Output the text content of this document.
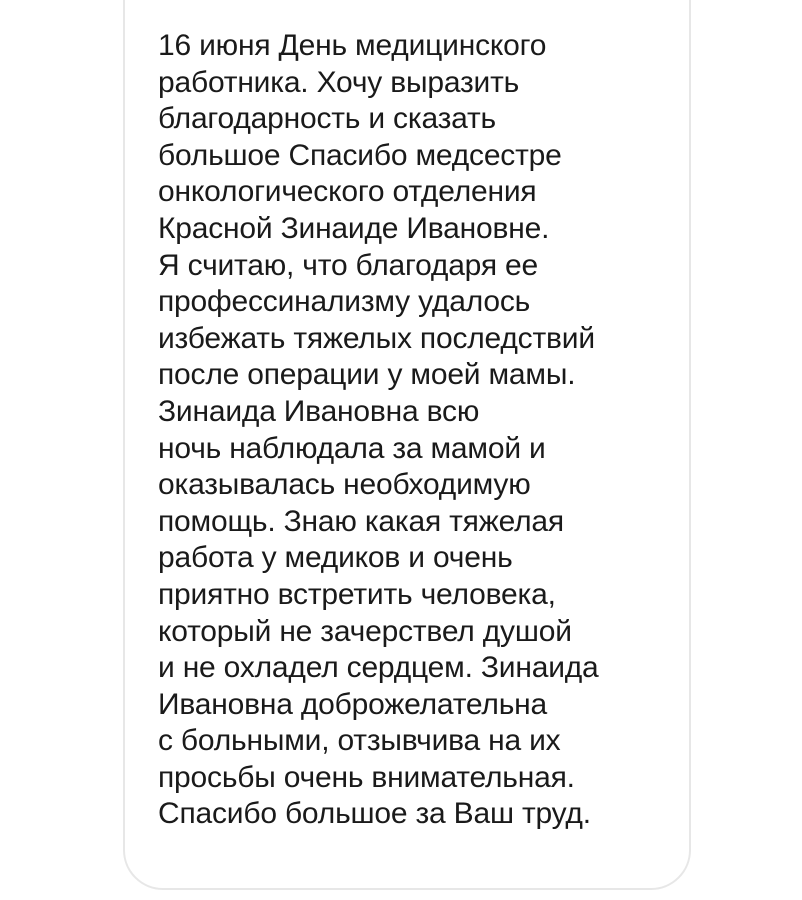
16 июня День медицинского
работника. Хочу выразить
благодарность и сказать
большое Спасибо медсестре
онкологического отделения
Красной Зинаиде Ивановне.
Я считаю, что благодаря ее
профессинализму удалось
избежать тяжелых последствий
после операции у моей мамы.
Зинаида Ивановна всю
ночь наблюдала за мамой и
оказывалась необходимую
помощь. Знаю какая тяжелая
работа у медиков и очень
приятно встретить человека,
который не зачерствел душой
и не охладел сердцем. Зинаида
Ивановна доброжелательна
с больными, отзывчива на их
просьбы очень внимательная.
Спасибо большое за Ваш труд.
